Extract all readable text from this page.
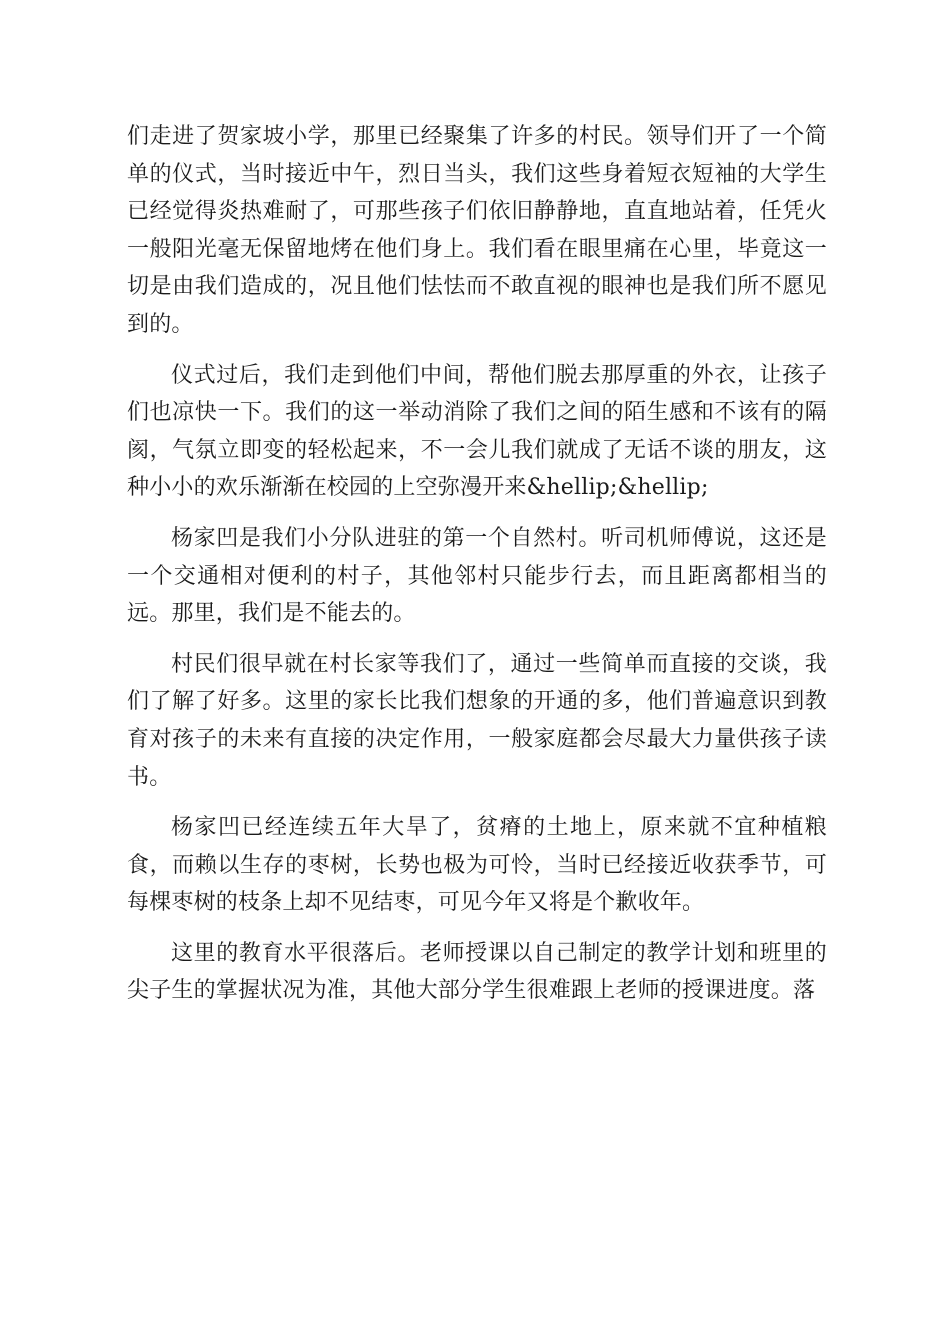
们走进了贺家坡小学，那里已经聚集了许多的村民。领导们开了一个简单的仪式，当时接近中午，烈日当头，我们这些身着短衣短袖的大学生已经觉得炎热难耐了，可那些孩子们依旧静静地，直直地站着，任凭火一般阳光毫无保留地烤在他们身上。我们看在眼里痛在心里，毕竟这一切是由我们造成的，况且他们怯怯而不敢直视的眼神也是我们所不愿见到的。

仪式过后，我们走到他们中间，帮他们脱去那厚重的外衣，让孩子们也凉快一下。我们的这一举动消除了我们之间的陌生感和不该有的隔阂，气氛立即变的轻松起来，不一会儿我们就成了无话不谈的朋友，这种小小的欢乐渐渐在校园的上空弥漫开来&hellip;&hellip;

杨家凹是我们小分队进驻的第一个自然村。听司机师傅说，这还是一个交通相对便利的村子，其他邻村只能步行去，而且距离都相当的远。那里，我们是不能去的。

村民们很早就在村长家等我们了，通过一些简单而直接的交谈，我们了解了好多。这里的家长比我们想象的开通的多，他们普遍意识到教育对孩子的未来有直接的决定作用，一般家庭都会尽最大力量供孩子读书。

杨家凹已经连续五年大旱了，贫瘠的土地上，原来就不宜种植粮食，而赖以生存的枣树，长势也极为可怜，当时已经接近收获季节，可每棵枣树的枝条上却不见结枣，可见今年又将是个歉收年。

这里的教育水平很落后。老师授课以自己制定的教学计划和班里的尖子生的掌握状况为准，其他大部分学生很难跟上老师的授课进度。落
